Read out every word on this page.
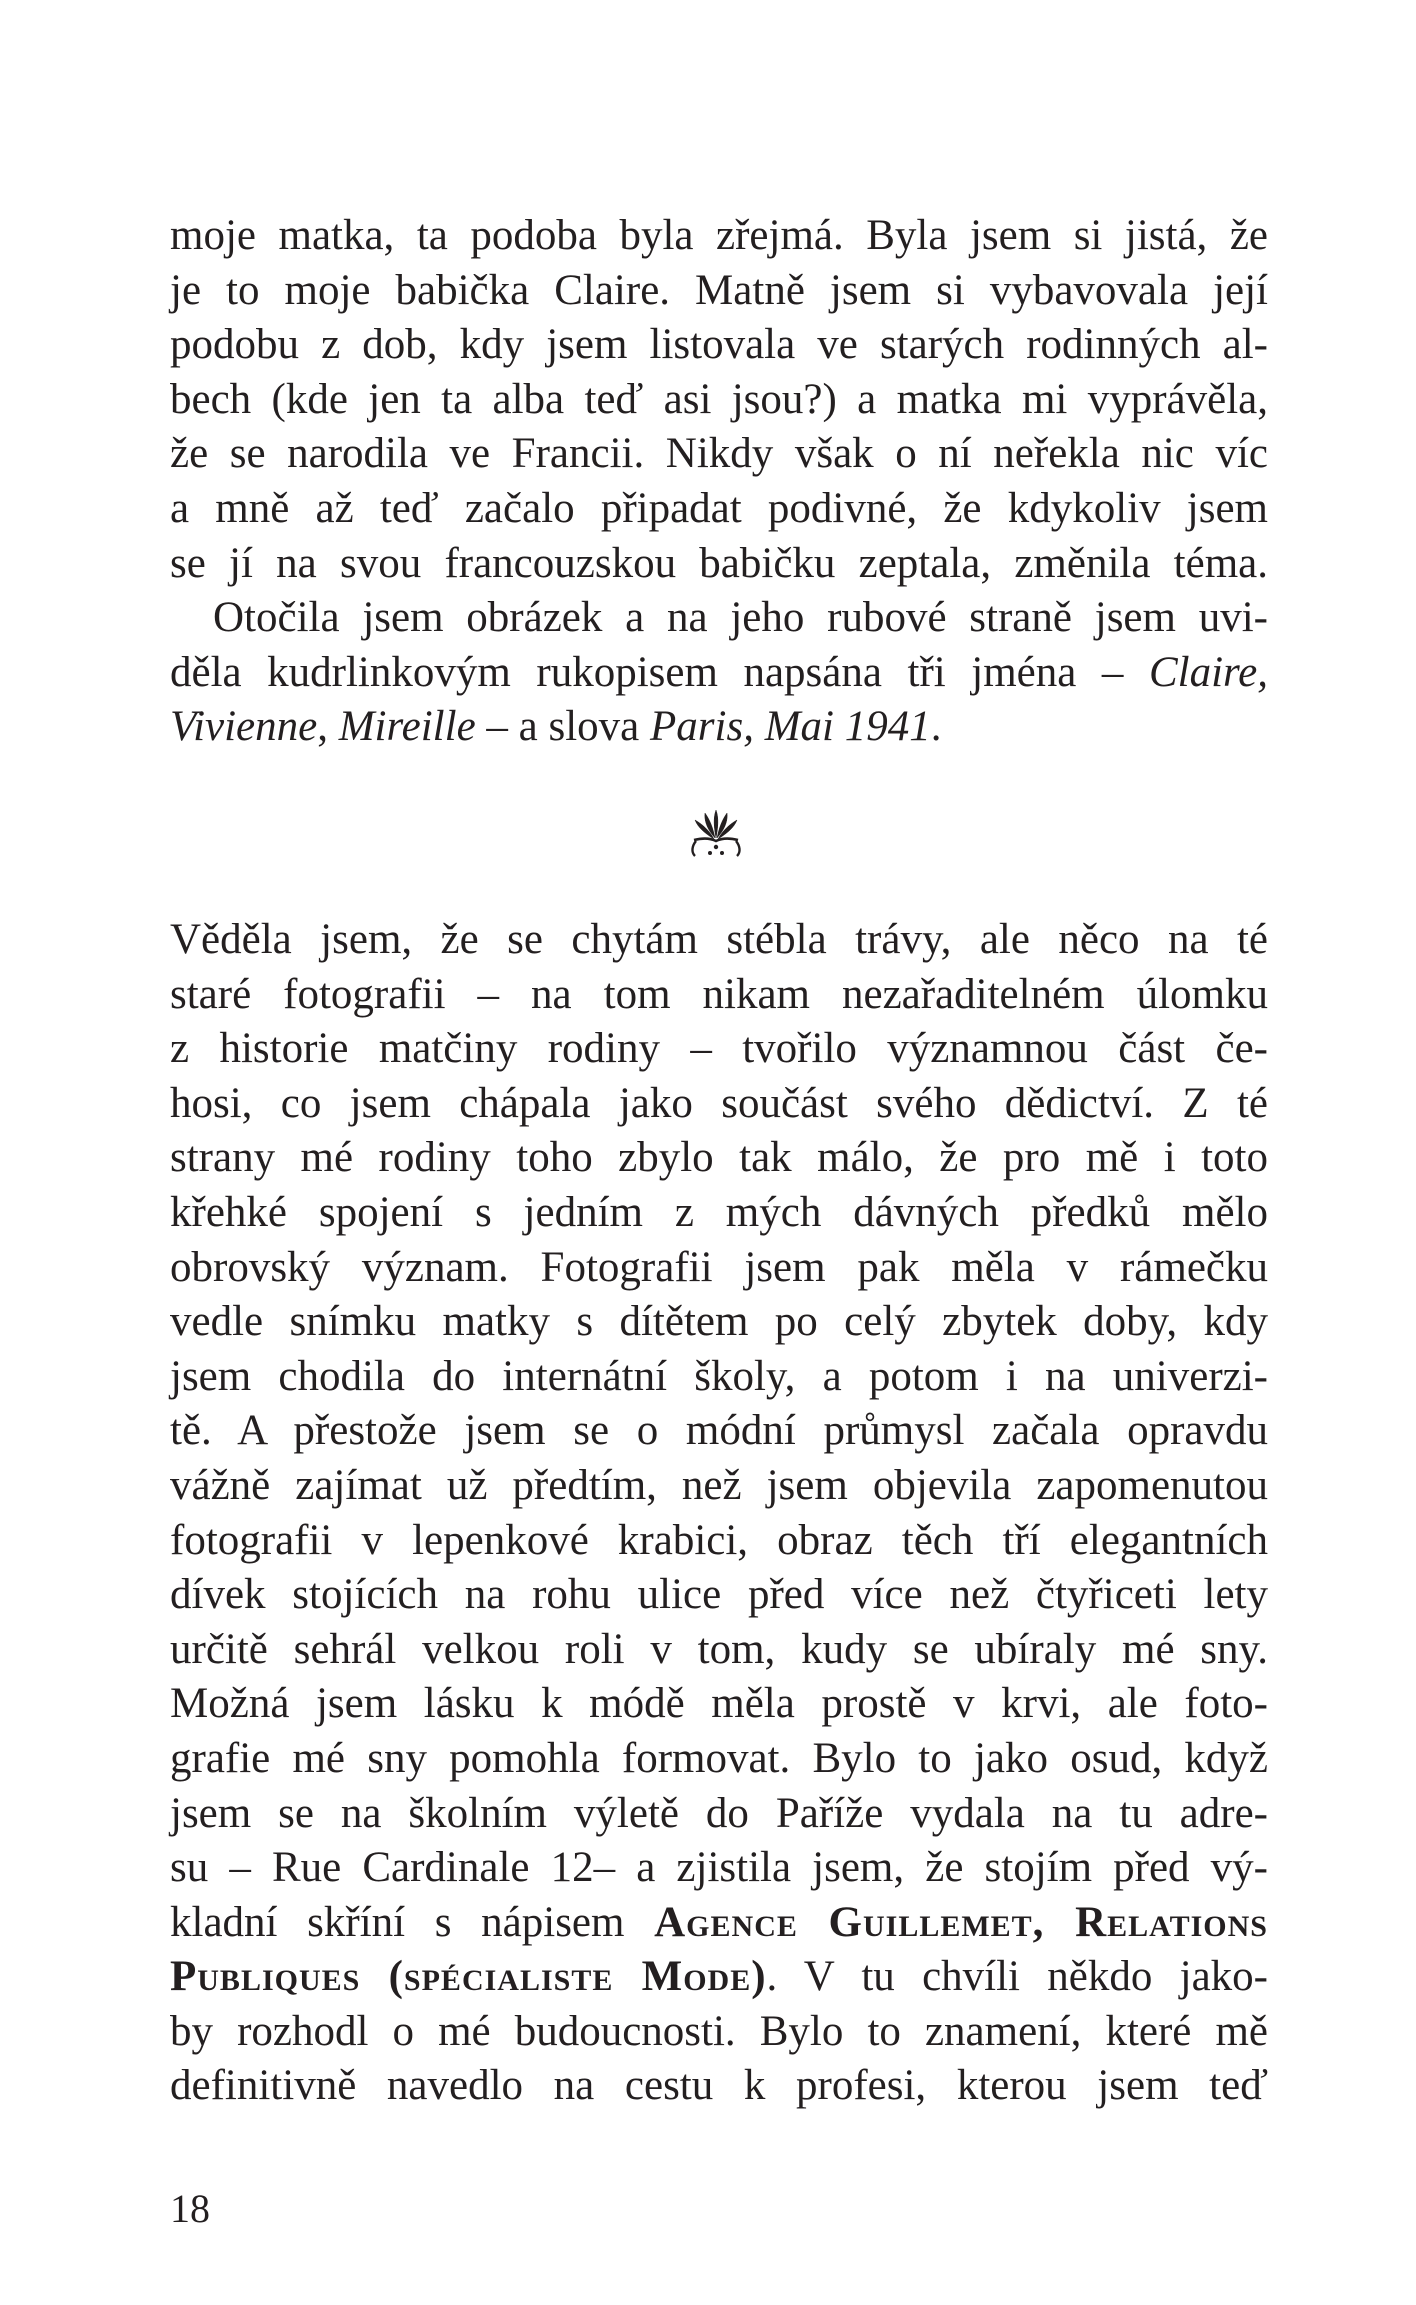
moje matka, ta podoba byla zřejmá. Byla jsem si jistá, že
je to moje babička Claire. Matně jsem si vybavovala její
podobu z dob, kdy jsem listovala ve starých rodinných al-
bech (kde jen ta alba teď asi jsou?) a matka mi vyprávěla,
že se narodila ve Francii. Nikdy však o ní neřekla nic víc
a mně až teď začalo připadat podivné, že kdykoliv jsem
se jí na svou francouzskou babičku zeptala, změnila téma.

Otočila jsem obrázek a na jeho rubové straně jsem uvi-
děla kudrlinkovým rukopisem napsána tři jména – Claire,
Vivienne, Mireille – a slova Paris, Mai 1941.

Věděla jsem, že se chytám stébla trávy, ale něco na té
staré fotografii – na tom nikam nezařaditelném úlomku
z historie matčiny rodiny – tvořilo významnou část če-
hosi, co jsem chápala jako součást svého dědictví. Z té
strany mé rodiny toho zbylo tak málo, že pro mě i toto
křehké spojení s jedním z mých dávných předků mělo
obrovský význam. Fotografii jsem pak měla v rámečku
vedle snímku matky s dítětem po celý zbytek doby, kdy
jsem chodila do internátní školy, a potom i na univerzi-
tě. A přestože jsem se o módní průmysl začala opravdu
vážně zajímat už předtím, než jsem objevila zapomenutou
fotografii v lepenkové krabici, obraz těch tří elegantních
dívek stojících na rohu ulice před více než čtyřiceti lety
určitě sehrál velkou roli v tom, kudy se ubíraly mé sny.
Možná jsem lásku k módě měla prostě v krvi, ale foto-
grafie mé sny pomohla formovat. Bylo to jako osud, když
jsem se na školním výletě do Paříže vydala na tu adre-
su – Rue Cardinale 12– a zjistila jsem, že stojím před vý-
kladní skříní s nápisem Agence Guillemet, Relations
Publiques (spécialiste Mode). V tu chvíli někdo jako-
by rozhodl o mé budoucnosti. Bylo to znamení, které mě
definitivně navedlo na cestu k profesi, kterou jsem teď

18
